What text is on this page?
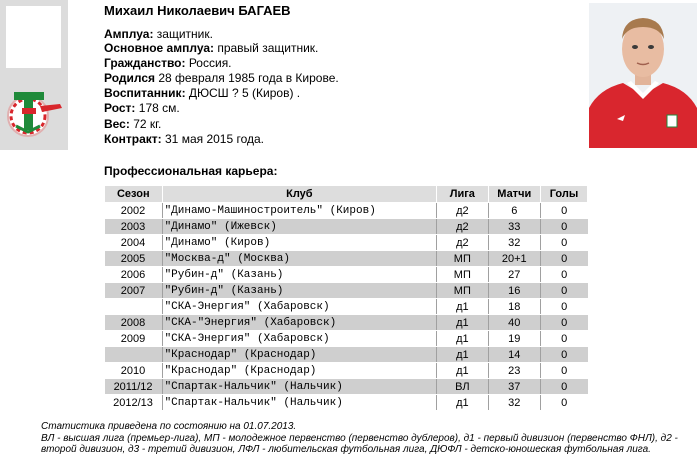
Михаил Николаевич БАГАЕВ
Амплуа: защитник.
Основное амплуа: правый защитник.
Гражданство: Россия.
Родился 28 февраля 1985 года в Кирове.
Воспитанник: ДЮСШ ? 5 (Киров) .
Рост: 178 см.
Вес: 72 кг.
Контракт: 31 мая 2015 года.
Профессиональная карьера:
Сезон	Клуб	Лига	Матчи	Голы
2002	"Динамо-Машиностроитель" (Киров)	д2	6	0
2003	"Динамо" (Ижевск)	д2	33	0
2004	"Динамо" (Киров)	д2	32	0
2005	"Москва-д" (Москва)	МП	20+1	0
2006	"Рубин-д" (Казань)	МП	27	0
2007	"Рубин-д" (Казань)	МП	16	0
	"СКА-Энергия" (Хабаровск)	д1	18	0
2008	"СКА-"Энергия" (Хабаровск)	д1	40	0
2009	"СКА-Энергия" (Хабаровск)	д1	19	0
	"Краснодар" (Краснодар)	д1	14	0
2010	"Краснодар" (Краснодар)	д1	23	0
2011/12	"Спартак-Нальчик" (Нальчик)	ВЛ	37	0
2012/13	"Спартак-Нальчик" (Нальчик)	д1	32	0
Статистика приведена по состоянию на 01.07.2013.
ВЛ - высшая лига (премьер-лига), МП - молодежное первенство (первенство дублеров), д1 - первый дивизион (первенство ФНЛ), д2 - второй дивизион, д3 - третий дивизион, ЛФЛ - любительская футбольная лига, ДЮФЛ - детско-юношеская футбольная лига.
